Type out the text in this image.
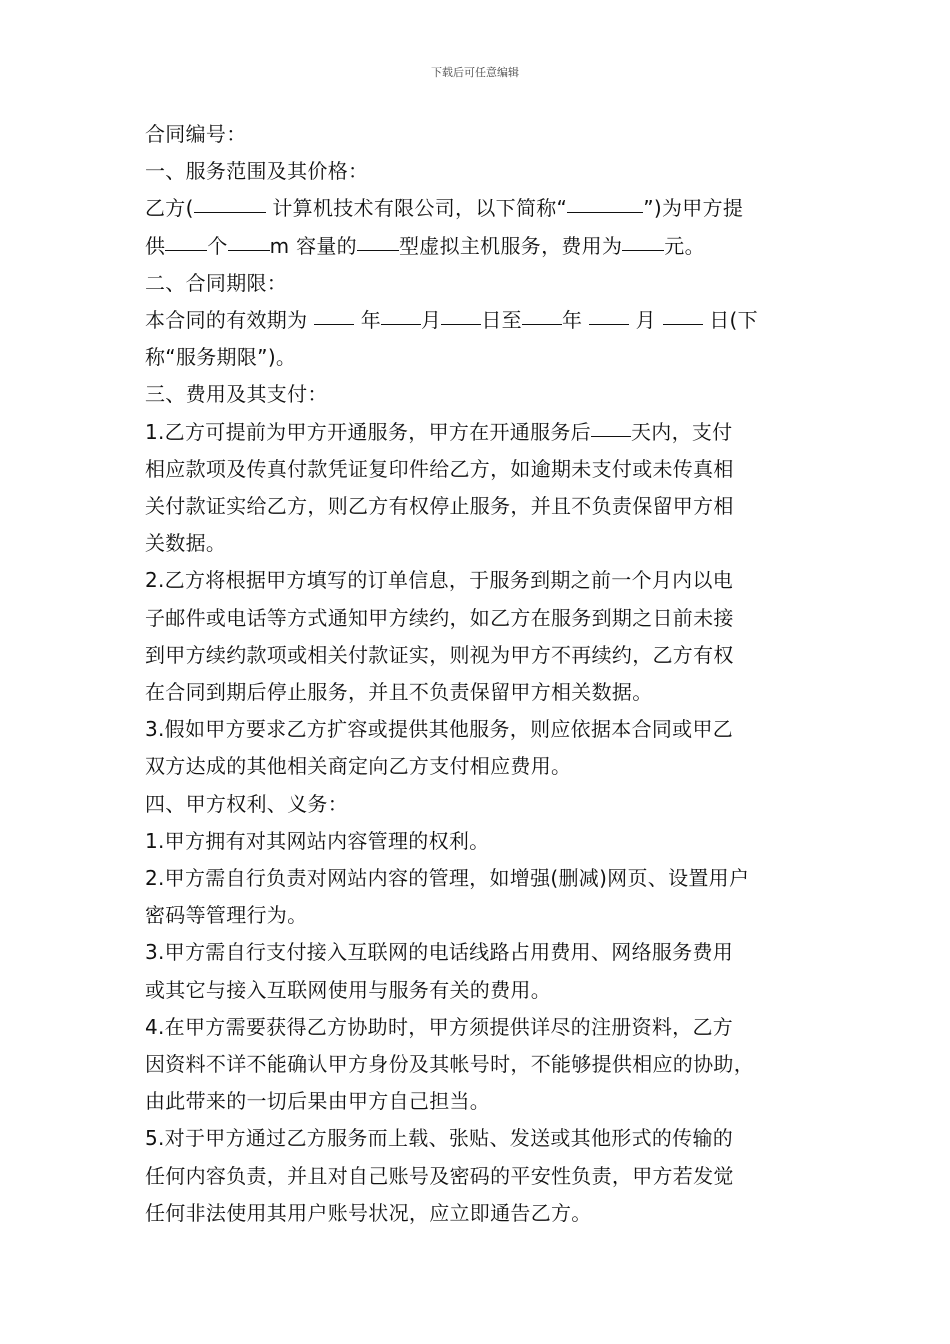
下载后可任意编辑

合同编号：

一、服务范围及其价格：

乙方(	计算机技术有限公司，以下简称“	”)为甲方提

供 个 m 容量的 型虚拟主机服务，费用为 元。

二、合同期限：

本合同的有效期为  年 月 日至 年  月  日(下

称“服务期限”)。

三、费用及其支付：

1.乙方可提前为甲方开通服务，甲方在开通服务后 天内，支付

相应款项及传真付款凭证复印件给乙方，如逾期未支付或未传真相

关付款证实给乙方，则乙方有权停止服务，并且不负责保留甲方相

关数据。

2.乙方将根据甲方填写的订单信息，于服务到期之前一个月内以电

子邮件或电话等方式通知甲方续约，如乙方在服务到期之日前未接

到甲方续约款项或相关付款证实，则视为甲方不再续约，乙方有权

在合同到期后停止服务，并且不负责保留甲方相关数据。

3.假如甲方要求乙方扩容或提供其他服务，则应依据本合同或甲乙

双方达成的其他相关商定向乙方支付相应费用。

四、甲方权利、义务：

1.甲方拥有对其网站内容管理的权利。

2.甲方需自行负责对网站内容的管理，如增强(删减)网页、设置用户

密码等管理行为。

3.甲方需自行支付接入互联网的电话线路占用费用、网络服务费用

或其它与接入互联网使用与服务有关的费用。

4.在甲方需要获得乙方协助时，甲方须提供详尽的注册资料，乙方

因资料不详不能确认甲方身份及其帐号时，不能够提供相应的协助，

由此带来的一切后果由甲方自己担当。

5.对于甲方通过乙方服务而上载、张贴、发送或其他形式的传输的

任何内容负责，并且对自己账号及密码的平安性负责，甲方若发觉

任何非法使用其用户账号状况，应立即通告乙方。
